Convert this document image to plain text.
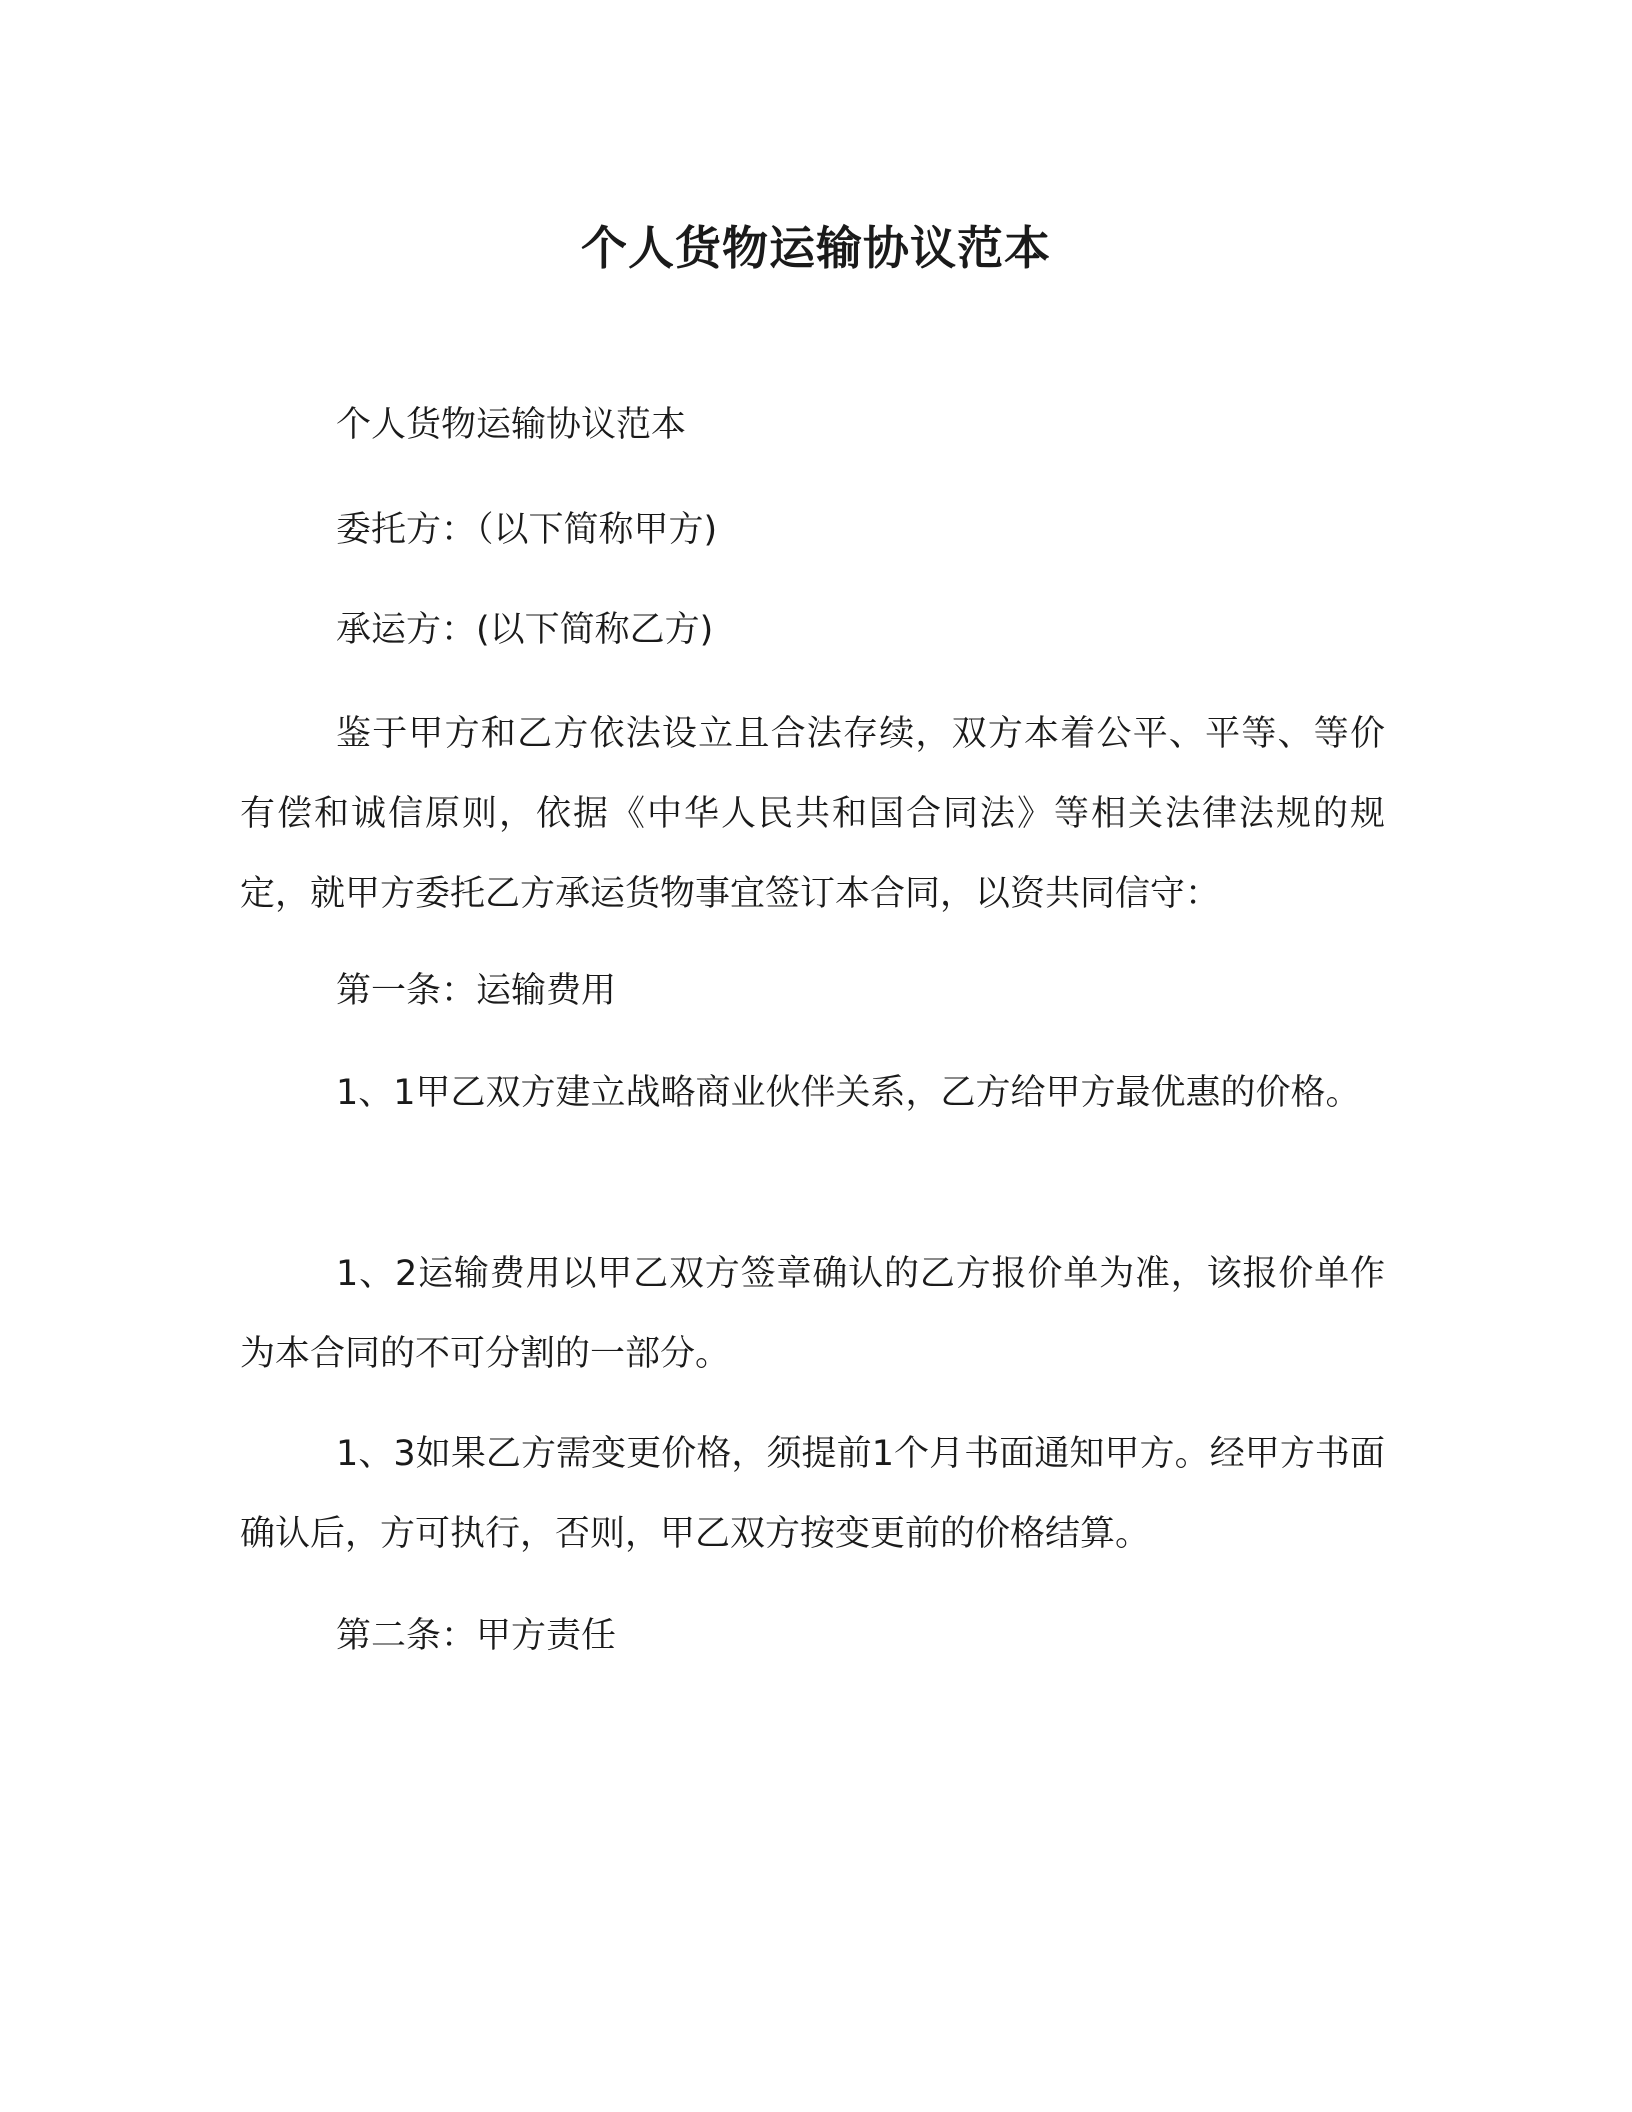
个人货物运输协议范本

个人货物运输协议范本

委托方：（以下简称甲方)

承运方：(以下简称乙方)

鉴于甲方和乙方依法设立且合法存续，双方本着公平、平等、等价有偿和诚信原则，依据《中华人民共和国合同法》等相关法律法规的规定，就甲方委托乙方承运货物事宜签订本合同，以资共同信守：

第一条：运输费用

1、1甲乙双方建立战略商业伙伴关系，乙方给甲方最优惠的价格。

1、2运输费用以甲乙双方签章确认的乙方报价单为准，该报价单作为本合同的不可分割的一部分。

1、3如果乙方需变更价格，须提前1个月书面通知甲方。经甲方书面确认后，方可执行，否则，甲乙双方按变更前的价格结算。

第二条：甲方责任
